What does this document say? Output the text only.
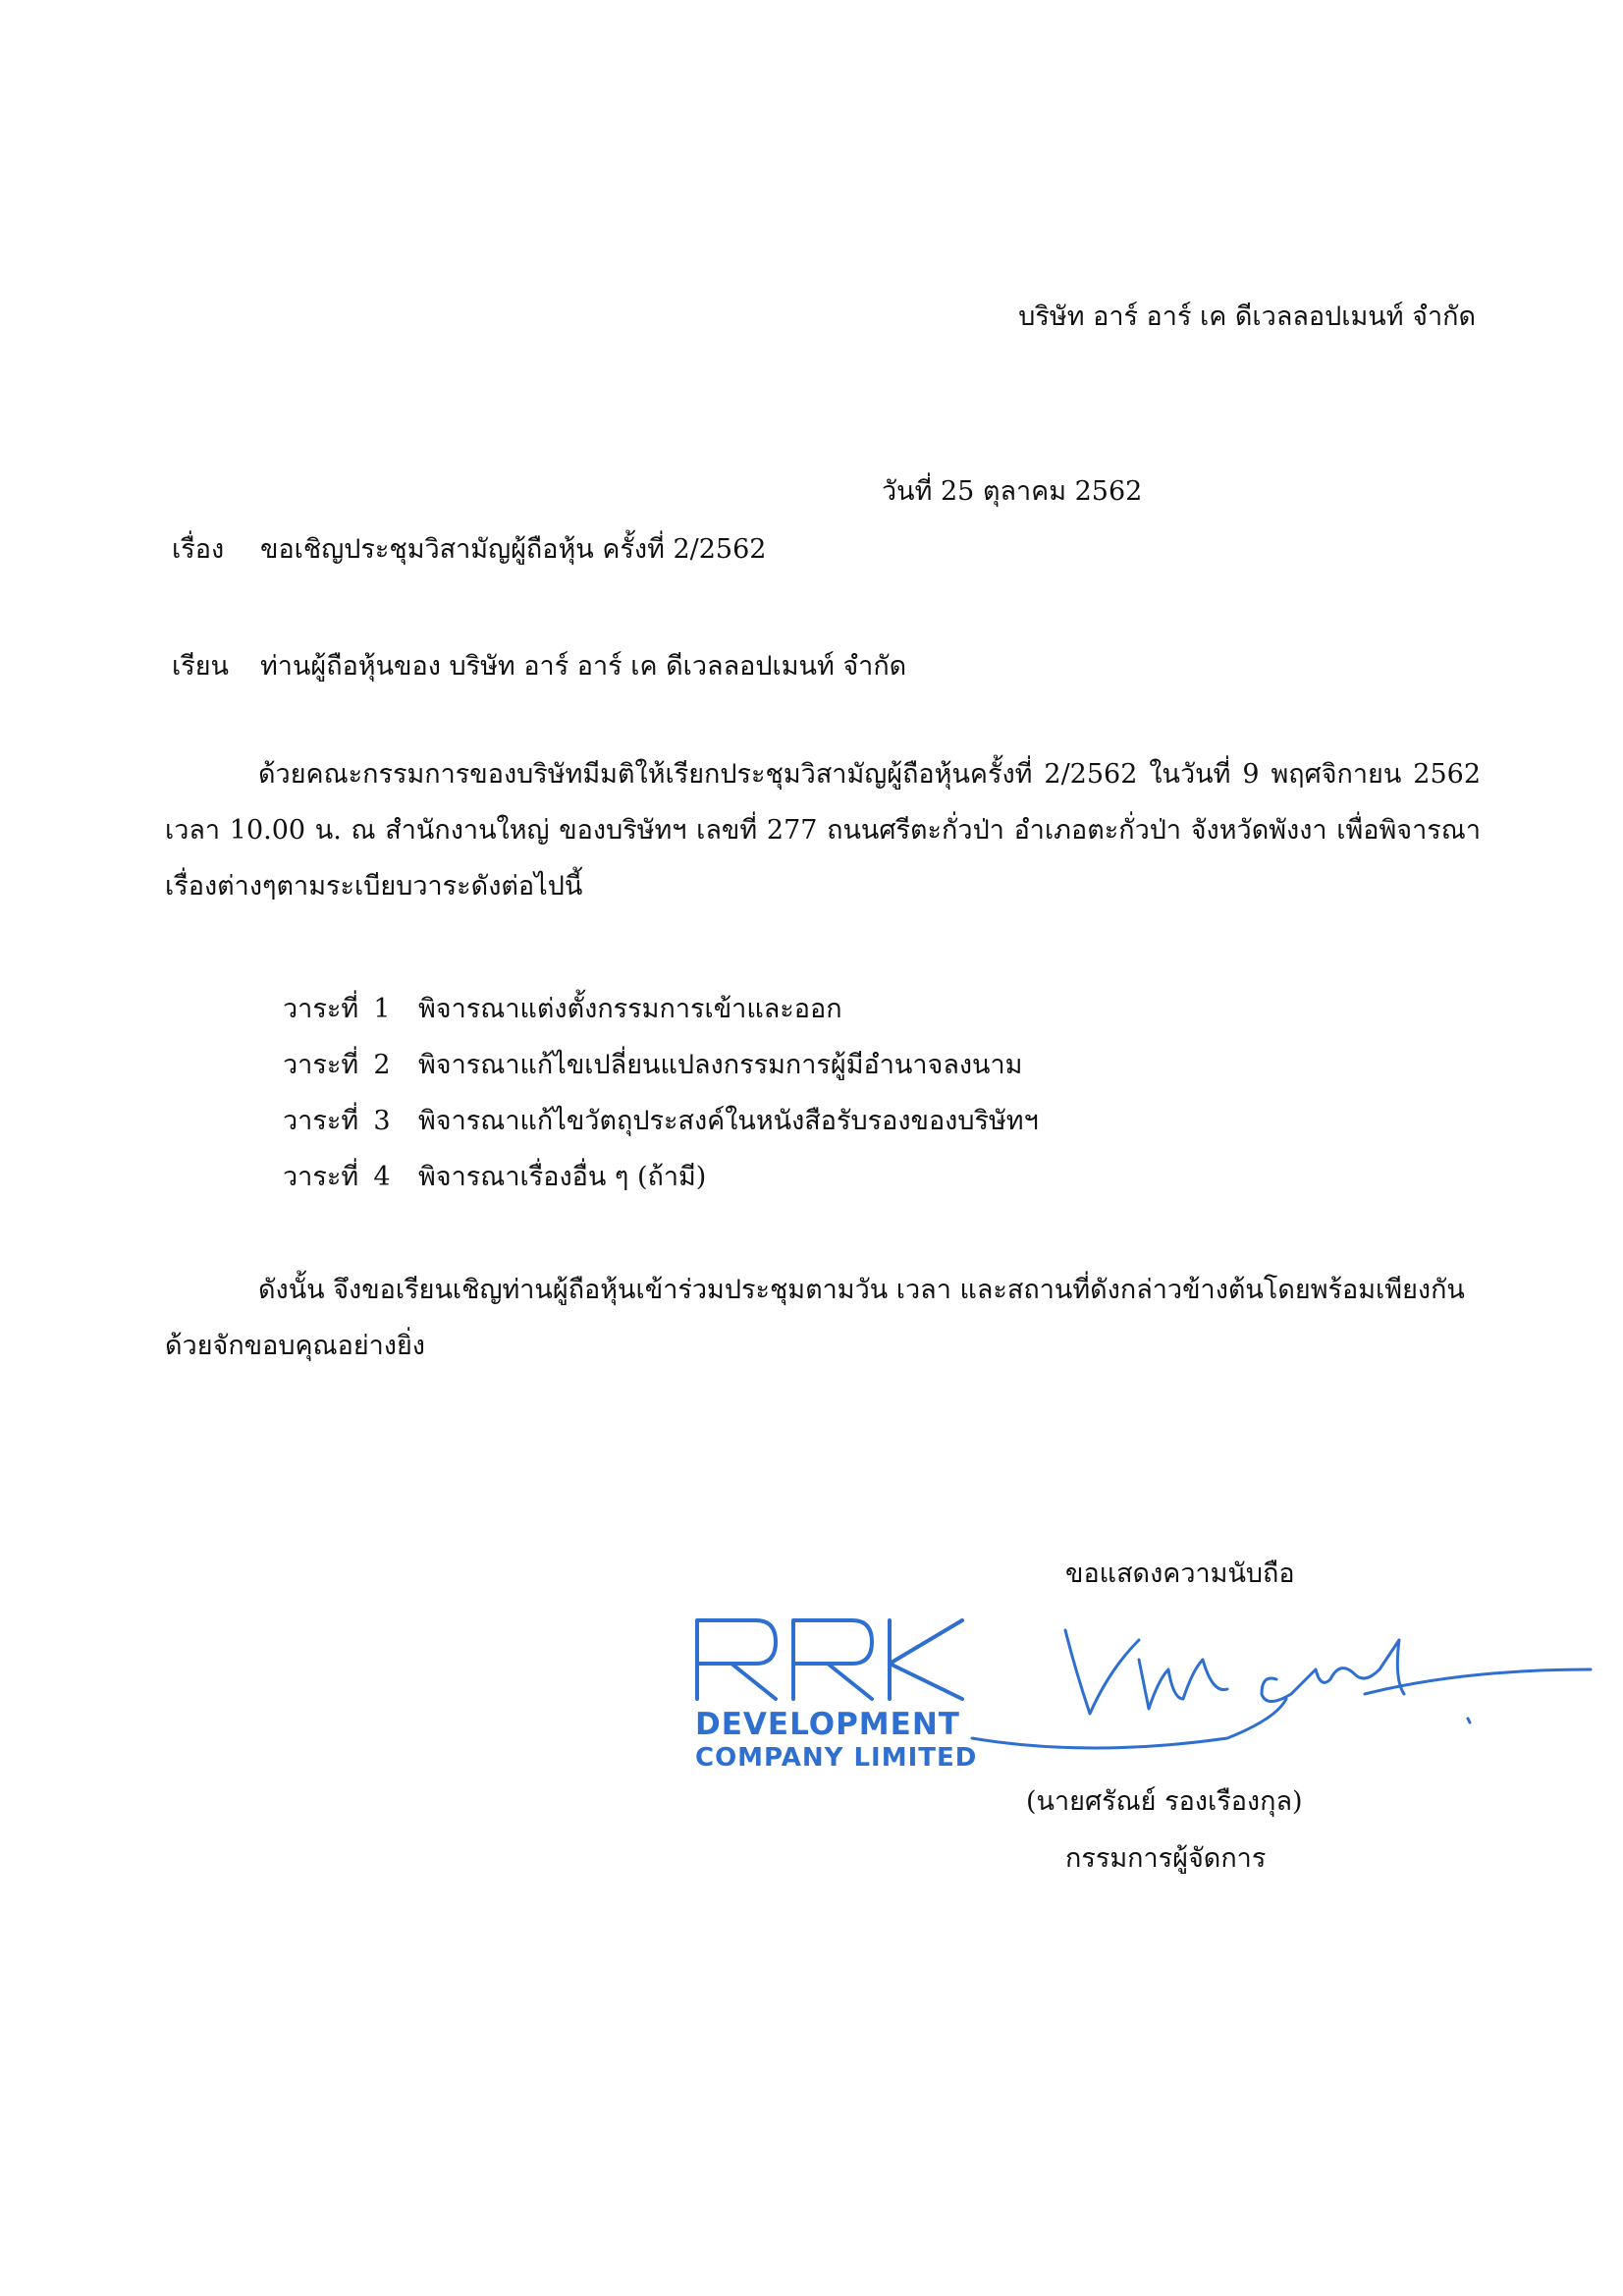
บริษัท อาร์ อาร์ เค ดีเวลลอปเมนท์ จำกัด
วันที่ 25 ตุลาคม 2562
เรื่อง ขอเชิญประชุมวิสามัญผู้ถือหุ้น ครั้งที่ 2/2562
เรียน ท่านผู้ถือหุ้นของ บริษัท อาร์ อาร์ เค ดีเวลลอปเมนท์ จำกัด
ด้วยคณะกรรมการของบริษัทมีมติให้เรียกประชุมวิสามัญผู้ถือหุ้นครั้งที่ 2/2562 ในวันที่ 9 พฤศจิกายน 2562 เวลา 10.00 น. ณ สำนักงานใหญ่ ของบริษัทฯ เลขที่ 277 ถนนศรีตะกั่วป่า อำเภอตะกั่วป่า จังหวัดพังงา เพื่อพิจารณาเรื่องต่างๆตามระเบียบวาระดังต่อไปนี้
วาระที่ 1 พิจารณาแต่งตั้งกรรมการเข้าและออก
วาระที่ 2 พิจารณาแก้ไขเปลี่ยนแปลงกรรมการผู้มีอำนาจลงนาม
วาระที่ 3 พิจารณาแก้ไขวัตถุประสงค์ในหนังสือรับรองของบริษัทฯ
วาระที่ 4 พิจารณาเรื่องอื่น ๆ (ถ้ามี)
ดังนั้น จึงขอเรียนเชิญท่านผู้ถือหุ้นเข้าร่วมประชุมตามวัน เวลา และสถานที่ดังกล่าวข้างต้นโดยพร้อมเพียงกัน ด้วยจักขอบคุณอย่างยิ่ง
ขอแสดงความนับถือ
DEVELOPMENT
COMPANY LIMITED
(นายศรัณย์ รองเรืองกุล)
กรรมการผู้จัดการ
